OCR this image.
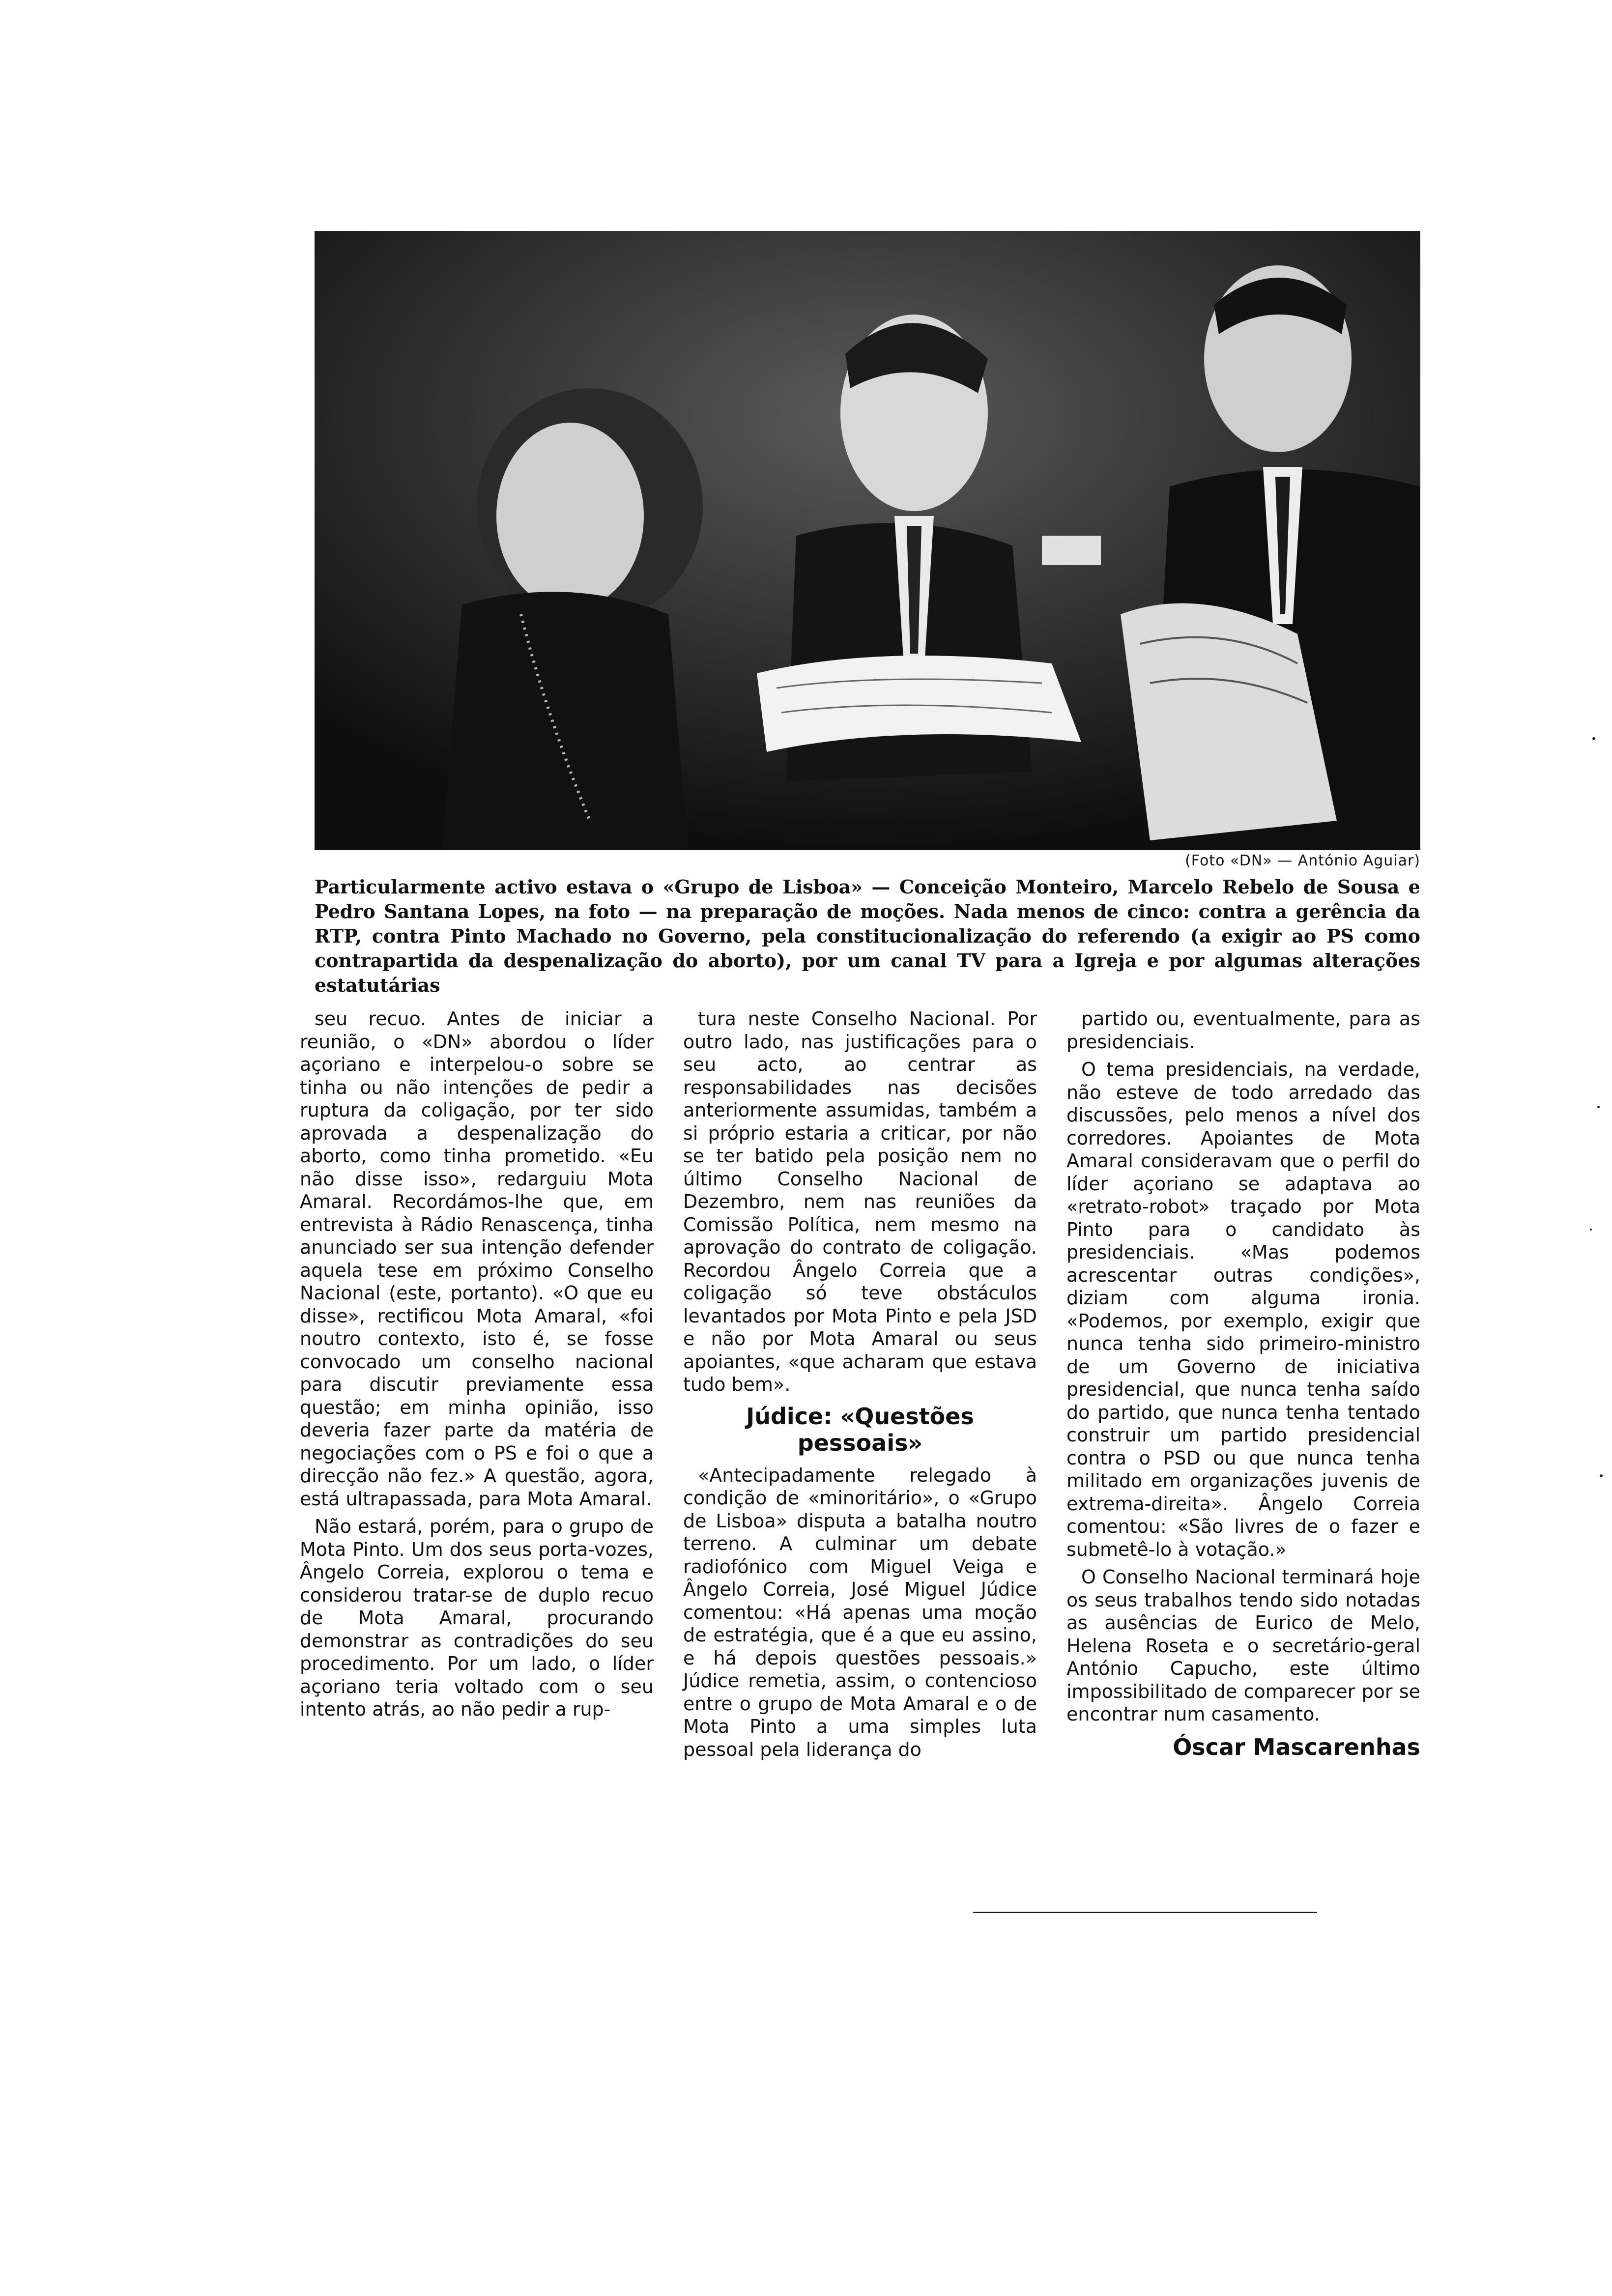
(Foto «DN» — António Aguiar)
Particularmente activo estava o «Grupo de Lisboa» — Conceição Monteiro, Marcelo Rebelo de Sousa e Pedro Santana Lopes, na foto — na preparação de moções. Nada menos de cinco: contra a gerência da RTP, contra Pinto Machado no Governo, pela constitucionalização do referendo (a exigir ao PS como contrapartida da despenalização do aborto), por um canal TV para a Igreja e por algumas alterações estatutárias

seu recuo. Antes de iniciar a reunião, o «DN» abordou o líder açoriano e interpelou-o sobre se tinha ou não intenções de pedir a ruptura da coligação, por ter sido aprovada a despenalização do aborto, como tinha prometido. «Eu não disse isso», redarguiu Mota Amaral. Recordámos-lhe que, em entrevista à Rádio Renascença, tinha anunciado ser sua intenção defender aquela tese em próximo Conselho Nacional (este, portanto). «O que eu disse», rectificou Mota Amaral, «foi noutro contexto, isto é, se fosse convocado um conselho nacional para discutir previamente essa questão; em minha opinião, isso deveria fazer parte da matéria de negociações com o PS e foi o que a direcção não fez.» A questão, agora, está ultrapassada, para Mota Amaral.

Não estará, porém, para o grupo de Mota Pinto. Um dos seus porta-vozes, Ângelo Correia, explorou o tema e considerou tratar-se de duplo recuo de Mota Amaral, procurando demonstrar as contradições do seu procedimento. Por um lado, o líder açoriano teria voltado com o seu intento atrás, ao não pedir a rup-

tura neste Conselho Nacional. Por outro lado, nas justificações para o seu acto, ao centrar as responsabilidades nas decisões anteriormente assumidas, também a si próprio estaria a criticar, por não se ter batido pela posição nem no último Conselho Nacional de Dezembro, nem nas reuniões da Comissão Política, nem mesmo na aprovação do contrato de coligação. Recordou Ângelo Correia que a coligação só teve obstáculos levantados por Mota Pinto e pela JSD e não por Mota Amaral ou seus apoiantes, «que acharam que estava tudo bem».

Júdice: «Questões pessoais»

«Antecipadamente relegado à condição de «minoritário», o «Grupo de Lisboa» disputa a batalha noutro terreno. A culminar um debate radiofónico com Miguel Veiga e Ângelo Correia, José Miguel Júdice comentou: «Há apenas uma moção de estratégia, que é a que eu assino, e há depois questões pessoais.» Júdice remetia, assim, o contencioso entre o grupo de Mota Amaral e o de Mota Pinto a uma simples luta pessoal pela liderança do

partido ou, eventualmente, para as presidenciais.

O tema presidenciais, na verdade, não esteve de todo arredado das discussões, pelo menos a nível dos corredores. Apoiantes de Mota Amaral consideravam que o perfil do líder açoriano se adaptava ao «retrato-robot» traçado por Mota Pinto para o candidato às presidenciais. «Mas podemos acrescentar outras condições», diziam com alguma ironia. «Podemos, por exemplo, exigir que nunca tenha sido primeiro-ministro de um Governo de iniciativa presidencial, que nunca tenha saído do partido, que nunca tenha tentado construir um partido presidencial contra o PSD ou que nunca tenha militado em organizações juvenis de extrema-direita». Ângelo Correia comentou: «São livres de o fazer e submetê-lo à votação.»

O Conselho Nacional terminará hoje os seus trabalhos tendo sido notadas as ausências de Eurico de Melo, Helena Roseta e o secretário-geral António Capucho, este último impossibilitado de comparecer por se encontrar num casamento.

Óscar Mascarenhas
